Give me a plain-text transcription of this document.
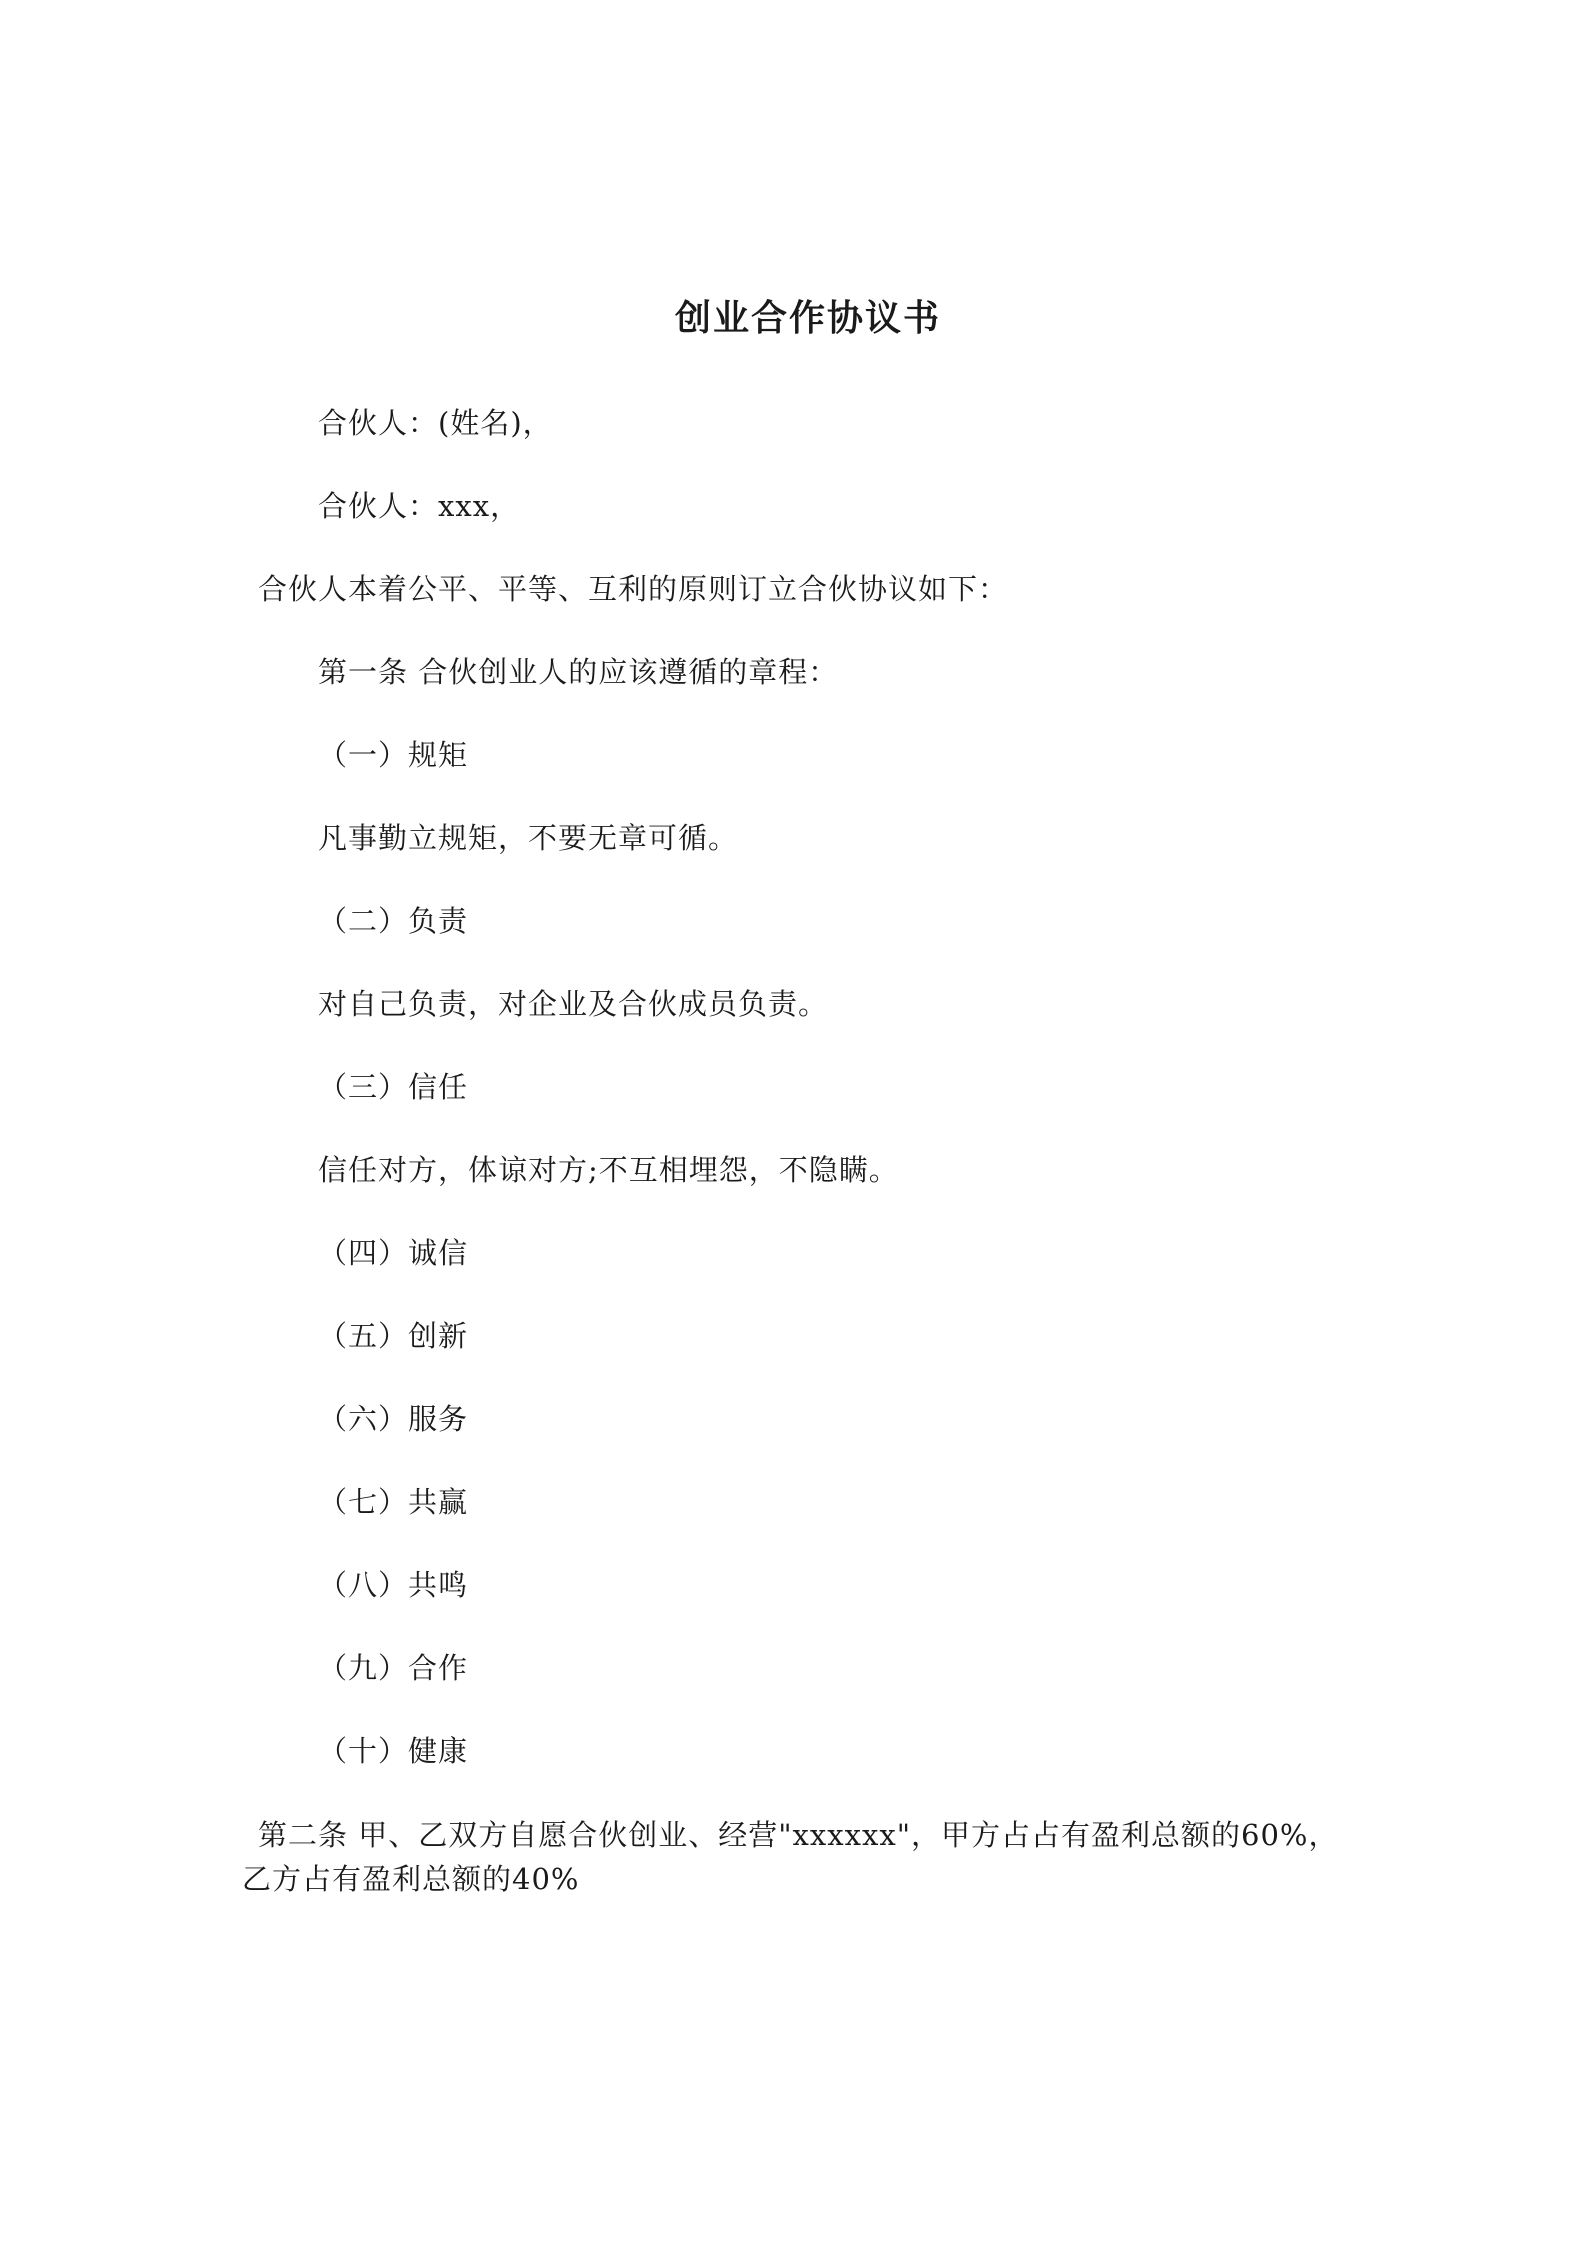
创业合作协议书
合伙人：(姓名)，
合伙人：xxx，
合伙人本着公平、平等、互利的原则订立合伙协议如下：
第一条 合伙创业人的应该遵循的章程：
（一）规矩
凡事勤立规矩，不要无章可循。
（二）负责
对自己负责，对企业及合伙成员负责。
（三）信任
信任对方，体谅对方;不互相埋怨，不隐瞒。
（四）诚信
（五）创新
（六）服务
（七）共赢
（八）共鸣
（九）合作
（十）健康
第二条 甲、乙双方自愿合伙创业、经营"xxxxxx"，甲方占占有盈利总额的60%，乙方占有盈利总额的40%
